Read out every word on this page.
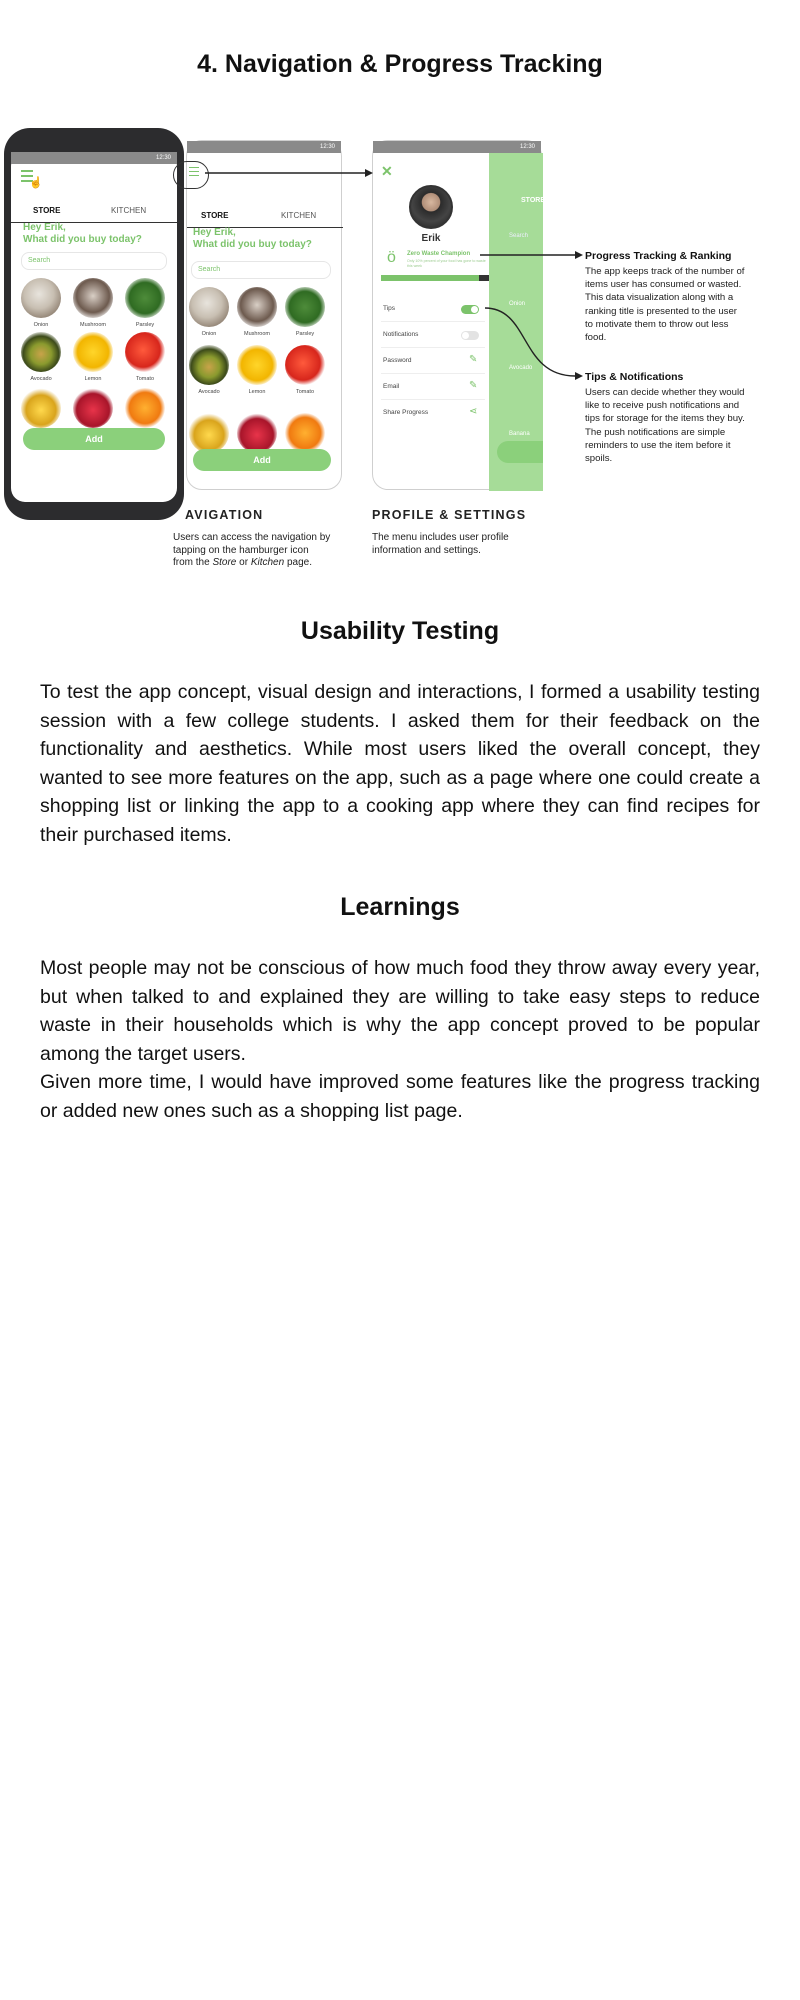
4. Navigation & Progress Tracking
12:30
☝
STORE	KITCHEN
Hey Erik,
What did you buy today?
Search
Onion	Mushroom	Parsley
Avocado	Lemon	Tomato
Add
12:30
STORE	KITCHEN
Hey Erik,
What did you buy today?
Search
Onion	Mushroom	Parsley
Avocado	Lemon	Tomato
Add
12:30
STORE
Search
Onion
Avocado
Banana
✕
Erik
ö Zero Waste Champion
Only 10% percent of your food has gone to waste this week
Tips
Notifications
Password	✎
Email	✎
Share Progress	⋖
Progress Tracking & Ranking
The app keeps track of the number of items user has consumed or wasted. This data visualization along with a ranking title is presented to the user to motivate them to throw out less food.
Tips & Notifications
Users can decide whether they would like to receive push notifications and tips for storage for the items they buy. The push notifications are simple reminders to use the item before it spoils.
AVIGATION
Users can access the navigation by
tapping on the hamburger icon
from the Store or Kitchen page.
PROFILE & SETTINGS
The menu includes user profile
information and settings.
Usability Testing

To test the app concept, visual design and interactions, I formed a usability testing session with a few college students. I asked them for their feedback on the functionality and aesthetics. While most users liked the overall concept, they wanted to see more features on the app, such as a page where one could create a shopping list or linking the app to a cooking app where they can find recipes for their purchased items.

Learnings

Most people may not be conscious of how much food they throw away every year, but when talked to and explained they are willing to take easy steps to reduce waste in their households which is why the app concept proved to be popular among the target users.

Given more time, I would have improved some features like the progress tracking or added new ones such as a shopping list page.
